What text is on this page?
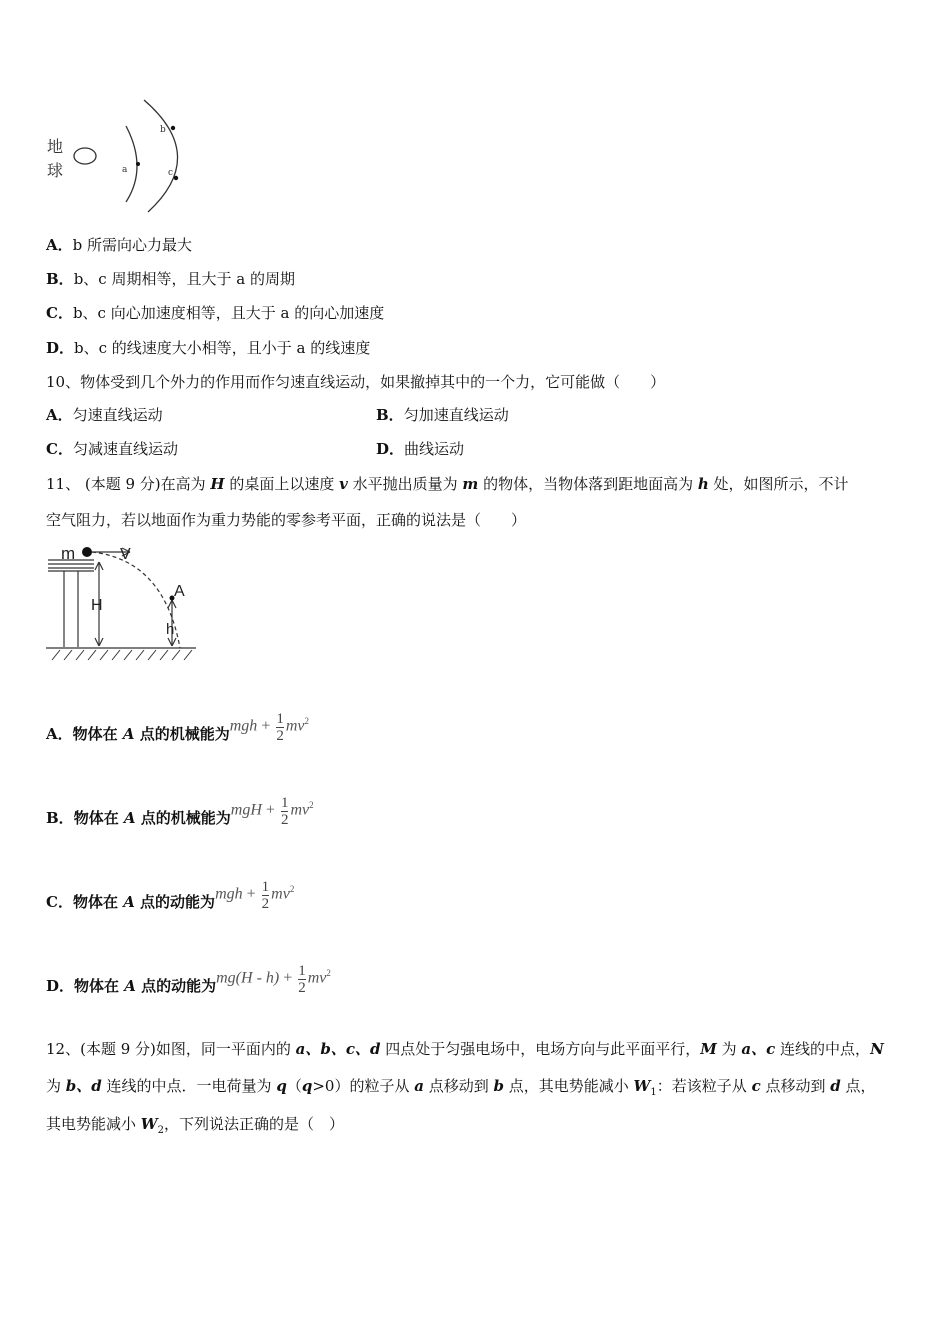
地
球	a
b
c
A．b 所需向心力最大
B．b、c 周期相等，且大于 a 的周期
C．b、c 向心加速度相等，且大于 a 的向心加速度
D．b、c 的线速度大小相等，且小于 a 的线速度
10、物体受到几个外力的作用而作匀速直线运动，如果撤掉其中的一个力，它可能做（　　）
A．匀速直线运动	B．匀加速直线运动
C．匀减速直线运动	D．曲线运动
11、 (本题 9 分)在高为 H 的桌面上以速度 v 水平抛出质量为 m 的物体，当物体落到距地面高为 h 处，如图所示，不计
空气阻力，若以地面作为重力势能的零参考平面，正确的说法是（　　）
m	V
H
A
h
A．物体在 A 点的机械能为mgh + $\frac{1}{2} mv^2$
B．物体在 A 点的机械能为mgH + $\frac{1}{2} mv^2$
C．物体在 A 点的动能为mgh + $\frac{1}{2} mv^2$
D．物体在 A 点的动能为$mg(H - h) + \frac{1}{2} mv^2$
12、(本题 9 分)如图，同一平面内的 a、b、c、d 四点处于匀强电场中，电场方向与此平面平行，M 为 a、c 连线的中点，N
为 b、d 连线的中点．一电荷量为 q（q>0）的粒子从 a 点移动到 b 点，其电势能减小 $W_1$：若该粒子从 c 点移动到 d 点，
其电势能减小 $W_2$，下列说法正确的是（　）
